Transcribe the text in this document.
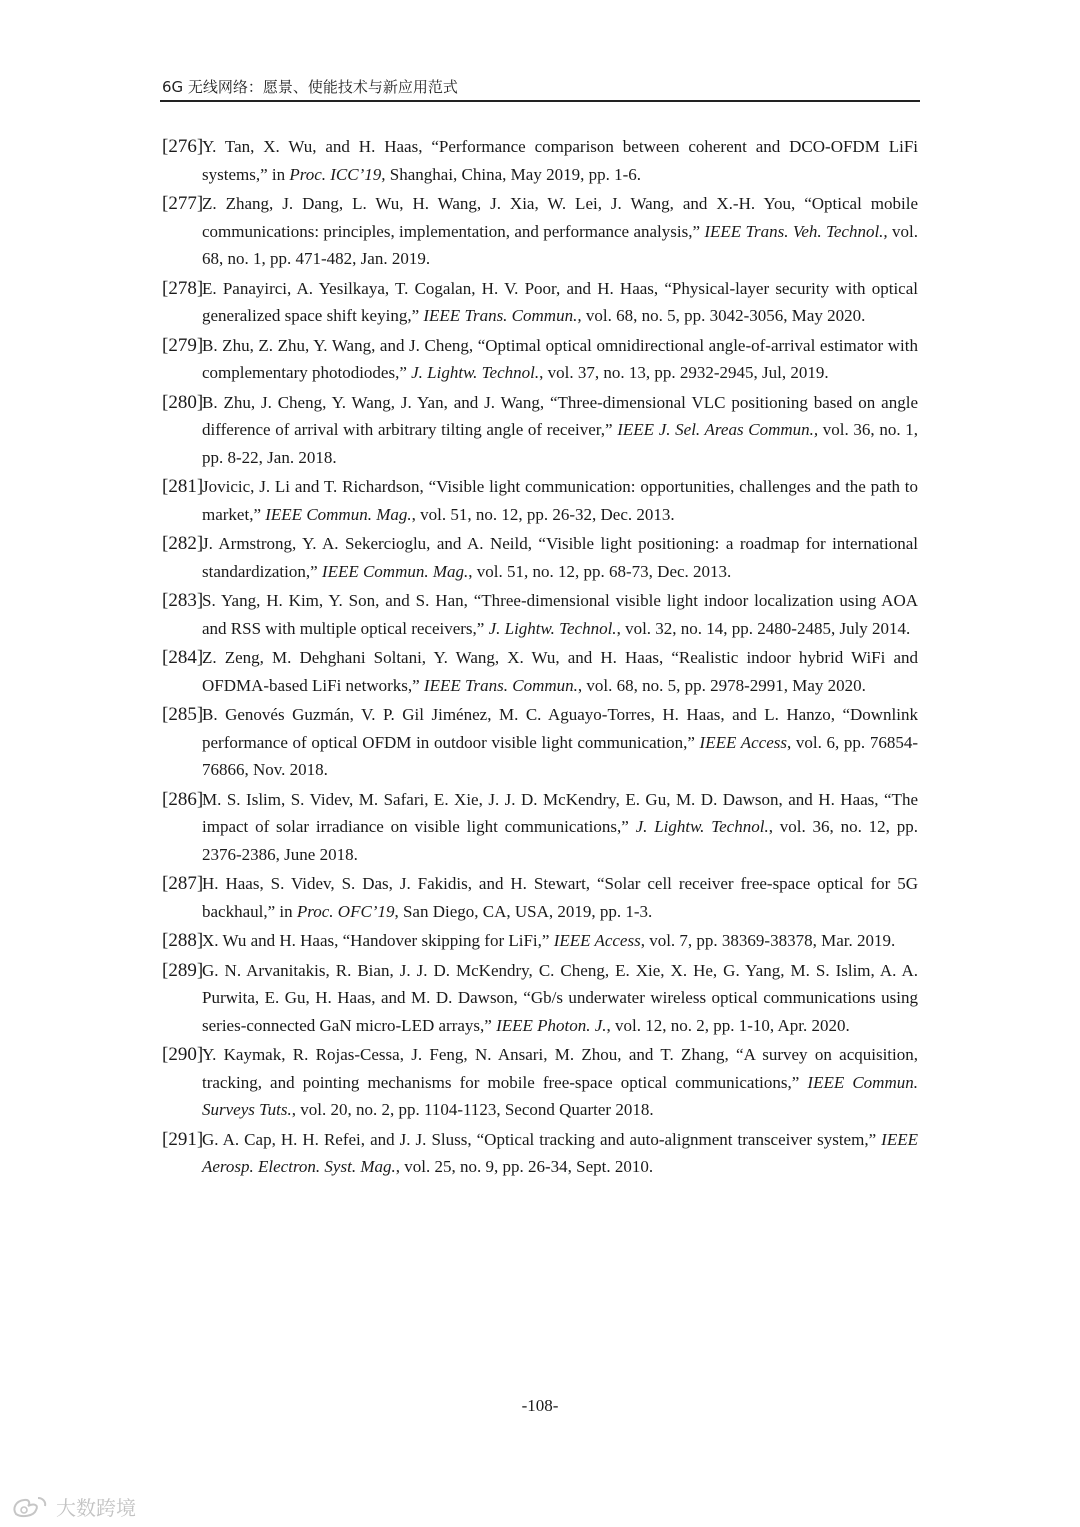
6G 无线网络：愿景、使能技术与新应用范式
[276]
Y. Tan, X. Wu, and H. Haas, “Performance comparison between coherent and DCO-OFDM LiFi systems,” in Proc. ICC’19, Shanghai, China, May 2019, pp. 1-6.
[277]
Z. Zhang, J. Dang, L. Wu, H. Wang, J. Xia, W. Lei, J. Wang, and X.-H. You, “Optical mobile communications: principles, implementation, and performance analysis,” IEEE Trans. Veh. Technol., vol. 68, no. 1, pp. 471-482, Jan. 2019.
[278]
E. Panayirci, A. Yesilkaya, T. Cogalan, H. V. Poor, and H. Haas, “Physical-layer security with optical generalized space shift keying,” IEEE Trans. Commun., vol. 68, no. 5, pp. 3042-3056, May 2020.
[279]
B. Zhu, Z. Zhu, Y. Wang, and J. Cheng, “Optimal optical omnidirectional angle-of-arrival estimator with complementary photodiodes,” J. Lightw. Technol., vol. 37, no. 13, pp. 2932-2945, Jul, 2019.
[280]
B. Zhu, J. Cheng, Y. Wang, J. Yan, and J. Wang, “Three-dimensional VLC positioning based on angle difference of arrival with arbitrary tilting angle of receiver,” IEEE J. Sel. Areas Commun., vol. 36, no. 1, pp. 8-22, Jan. 2018.
[281]
Jovicic, J. Li and T. Richardson, “Visible light communication: opportunities, challenges and the path to market,” IEEE Commun. Mag., vol. 51, no. 12, pp. 26-32, Dec. 2013.
[282]
J. Armstrong, Y. A. Sekercioglu, and A. Neild, “Visible light positioning: a roadmap for international standardization,” IEEE Commun. Mag., vol. 51, no. 12, pp. 68-73, Dec. 2013.
[283]
S. Yang, H. Kim, Y. Son, and S. Han, “Three-dimensional visible light indoor localization using AOA and RSS with multiple optical receivers,” J. Lightw. Technol., vol. 32, no. 14, pp. 2480-2485, July 2014.
[284]
Z. Zeng, M. Dehghani Soltani, Y. Wang, X. Wu, and H. Haas, “Realistic indoor hybrid WiFi and OFDMA-based LiFi networks,” IEEE Trans. Commun., vol. 68, no. 5, pp. 2978-2991, May 2020.
[285]
B. Genovés Guzmán, V. P. Gil Jiménez, M. C. Aguayo-Torres, H. Haas, and L. Hanzo, “Downlink performance of optical OFDM in outdoor visible light communication,” IEEE Access, vol. 6, pp. 76854-76866, Nov. 2018.
[286]
M. S. Islim, S. Videv, M. Safari, E. Xie, J. J. D. McKendry, E. Gu, M. D. Dawson, and H. Haas, “The impact of solar irradiance on visible light communications,” J. Lightw. Technol., vol. 36, no. 12, pp. 2376-2386, June 2018.
[287]
H. Haas, S. Videv, S. Das, J. Fakidis, and H. Stewart, “Solar cell receiver free-space optical for 5G backhaul,” in Proc. OFC’19, San Diego, CA, USA, 2019, pp. 1-3.
[288]
X. Wu and H. Haas, “Handover skipping for LiFi,” IEEE Access, vol. 7, pp. 38369-38378, Mar. 2019.
[289]
G. N. Arvanitakis, R. Bian, J. J. D. McKendry, C. Cheng, E. Xie, X. He, G. Yang, M. S. Islim, A. A. Purwita, E. Gu, H. Haas, and M. D. Dawson, “Gb/s underwater wireless optical communications using series-connected GaN micro-LED arrays,” IEEE Photon. J., vol. 12, no. 2, pp. 1-10, Apr. 2020.
[290]
Y. Kaymak, R. Rojas-Cessa, J. Feng, N. Ansari, M. Zhou, and T. Zhang, “A survey on acquisition, tracking, and pointing mechanisms for mobile free-space optical communications,” IEEE Commun. Surveys Tuts., vol. 20, no. 2, pp. 1104-1123, Second Quarter 2018.
[291]
G. A. Cap, H. H. Refei, and J. J. Sluss, “Optical tracking and auto-alignment transceiver system,” IEEE Aerosp. Electron. Syst. Mag., vol. 25, no. 9, pp. 26-34, Sept. 2010.
-108-
大数跨境
